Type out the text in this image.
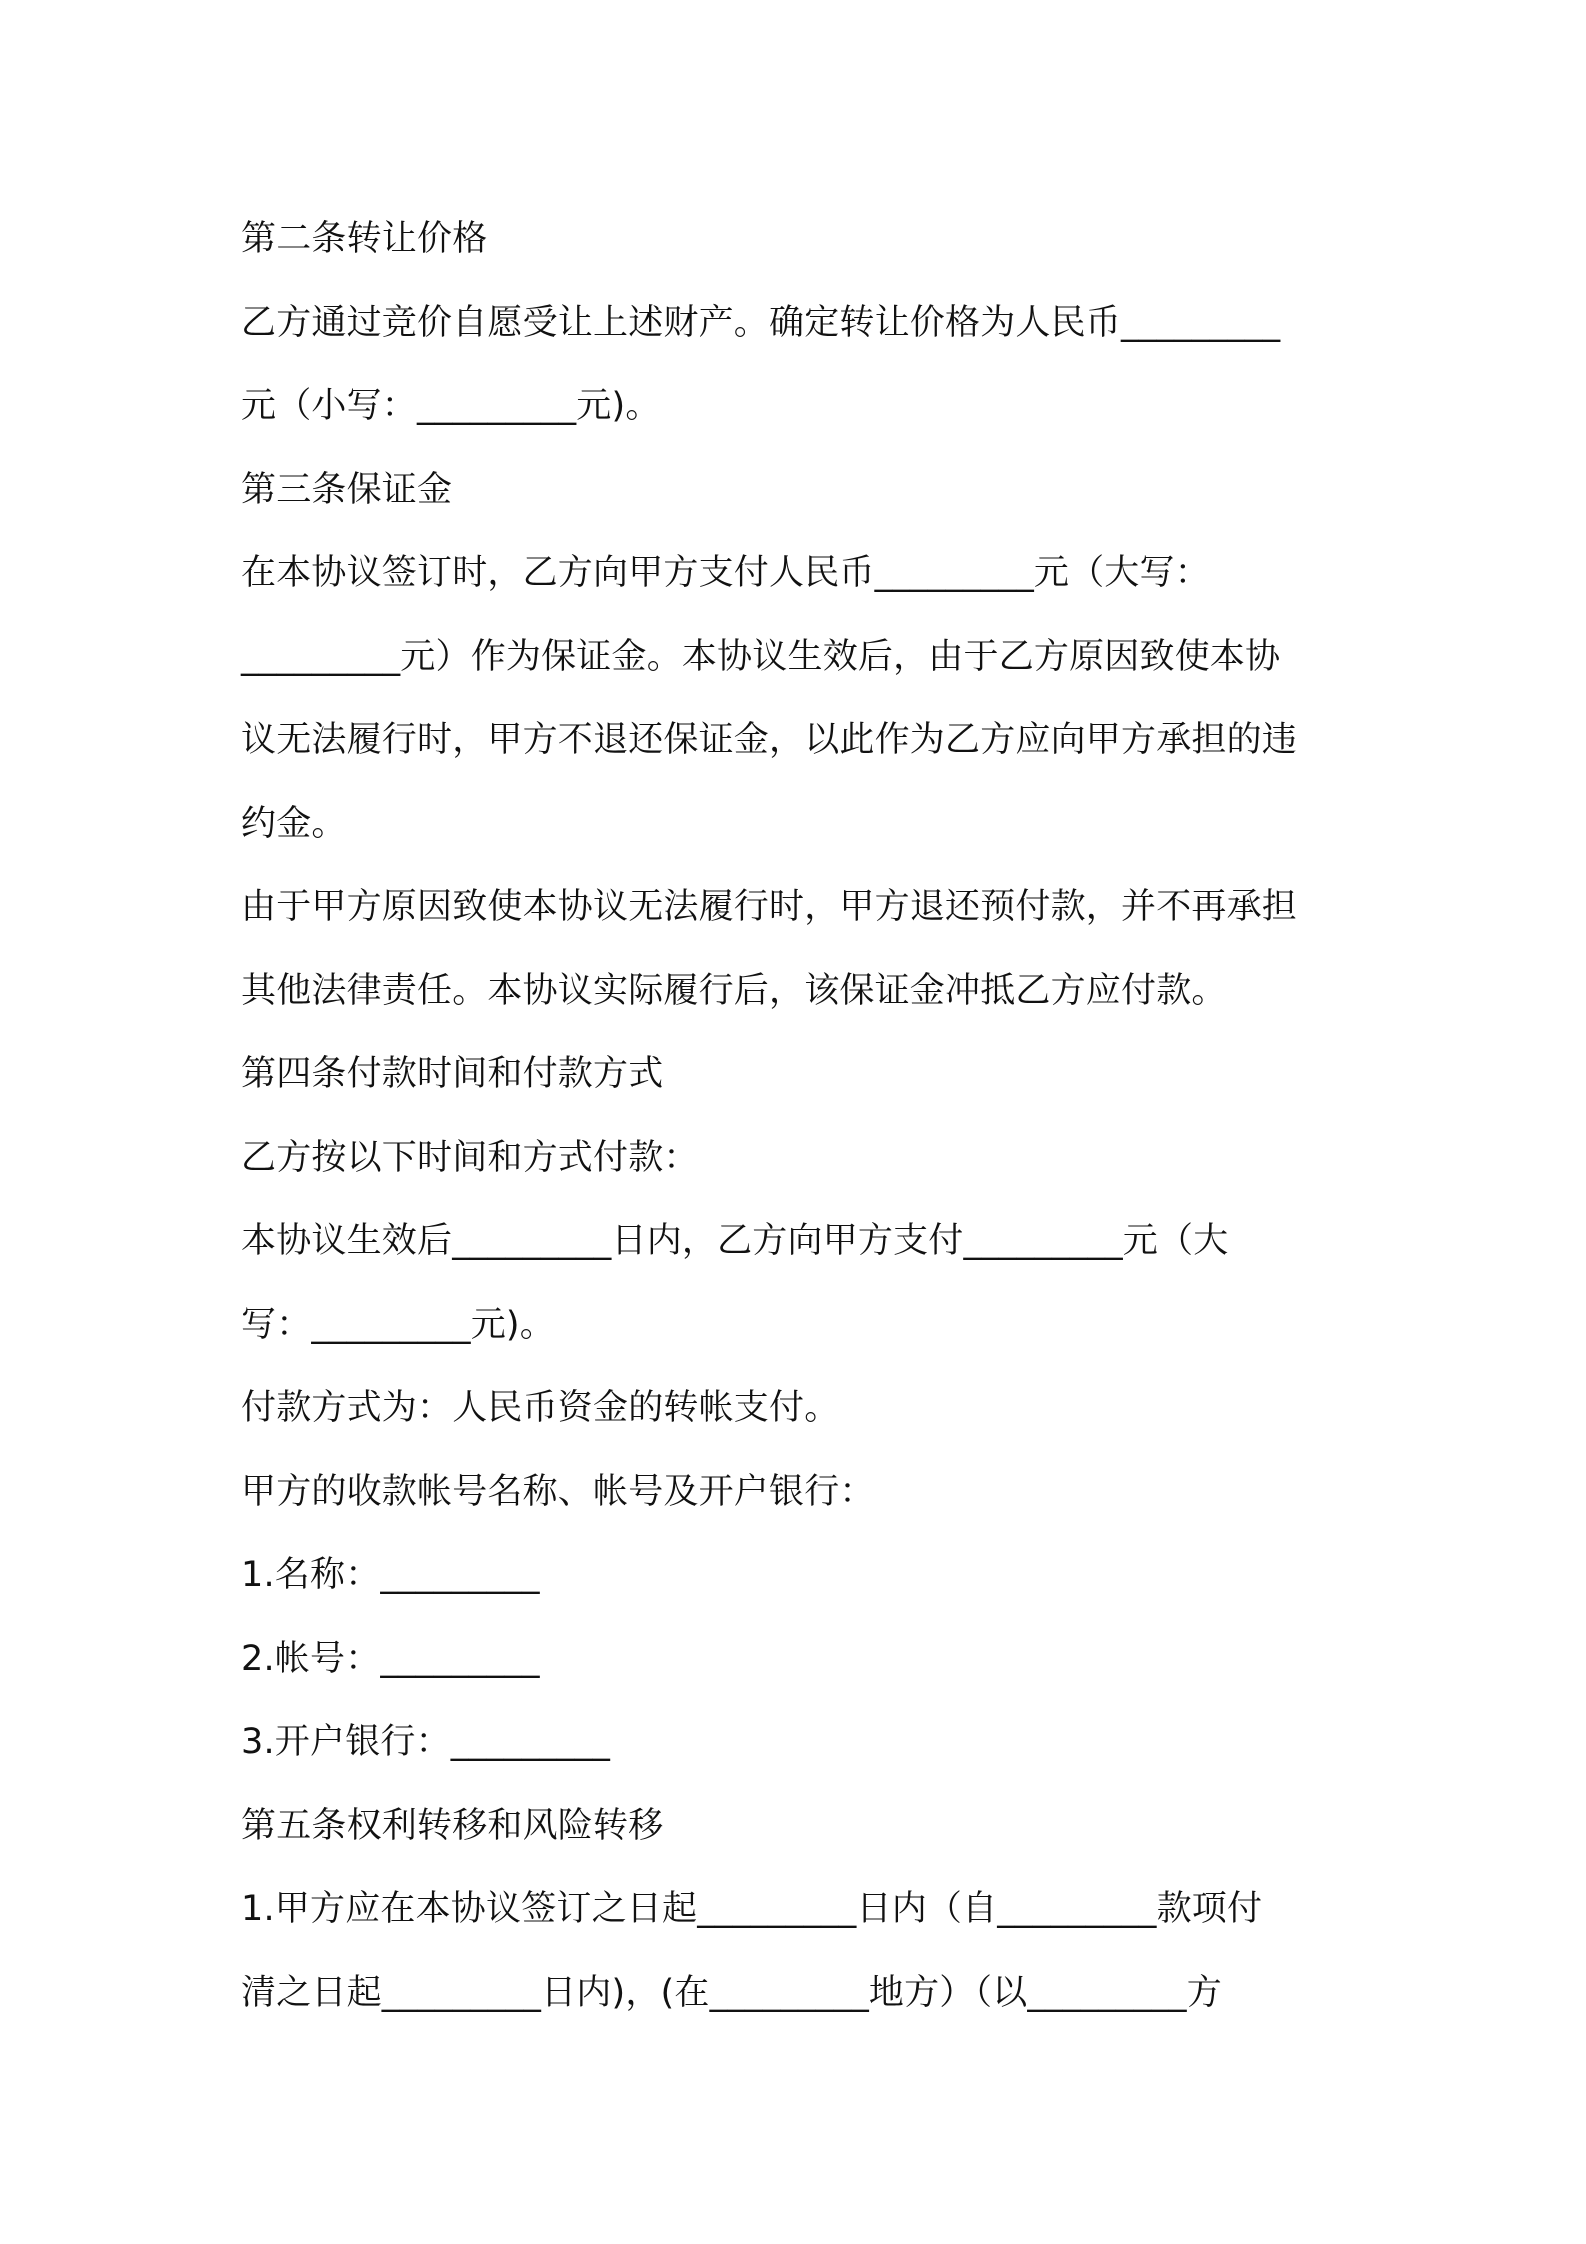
第二条转让价格
乙方通过竞价自愿受让上述财产。确定转让价格为人民币_________
元（小写：_________元)。
第三条保证金
在本协议签订时，乙方向甲方支付人民币_________元（大写：
_________元）作为保证金。本协议生效后，由于乙方原因致使本协
议无法履行时，甲方不退还保证金，以此作为乙方应向甲方承担的违
约金。
由于甲方原因致使本协议无法履行时，甲方退还预付款，并不再承担
其他法律责任。本协议实际履行后，该保证金冲抵乙方应付款。
第四条付款时间和付款方式
乙方按以下时间和方式付款：
本协议生效后_________日内，乙方向甲方支付_________元（大
写：_________元)。
付款方式为：人民币资金的转帐支付。
甲方的收款帐号名称、帐号及开户银行：
1.名称：_________
2.帐号：_________
3.开户银行：_________
第五条权利转移和风险转移
1.甲方应在本协议签订之日起_________日内（自_________款项付
清之日起_________日内)，(在_________地方）（以_________方
